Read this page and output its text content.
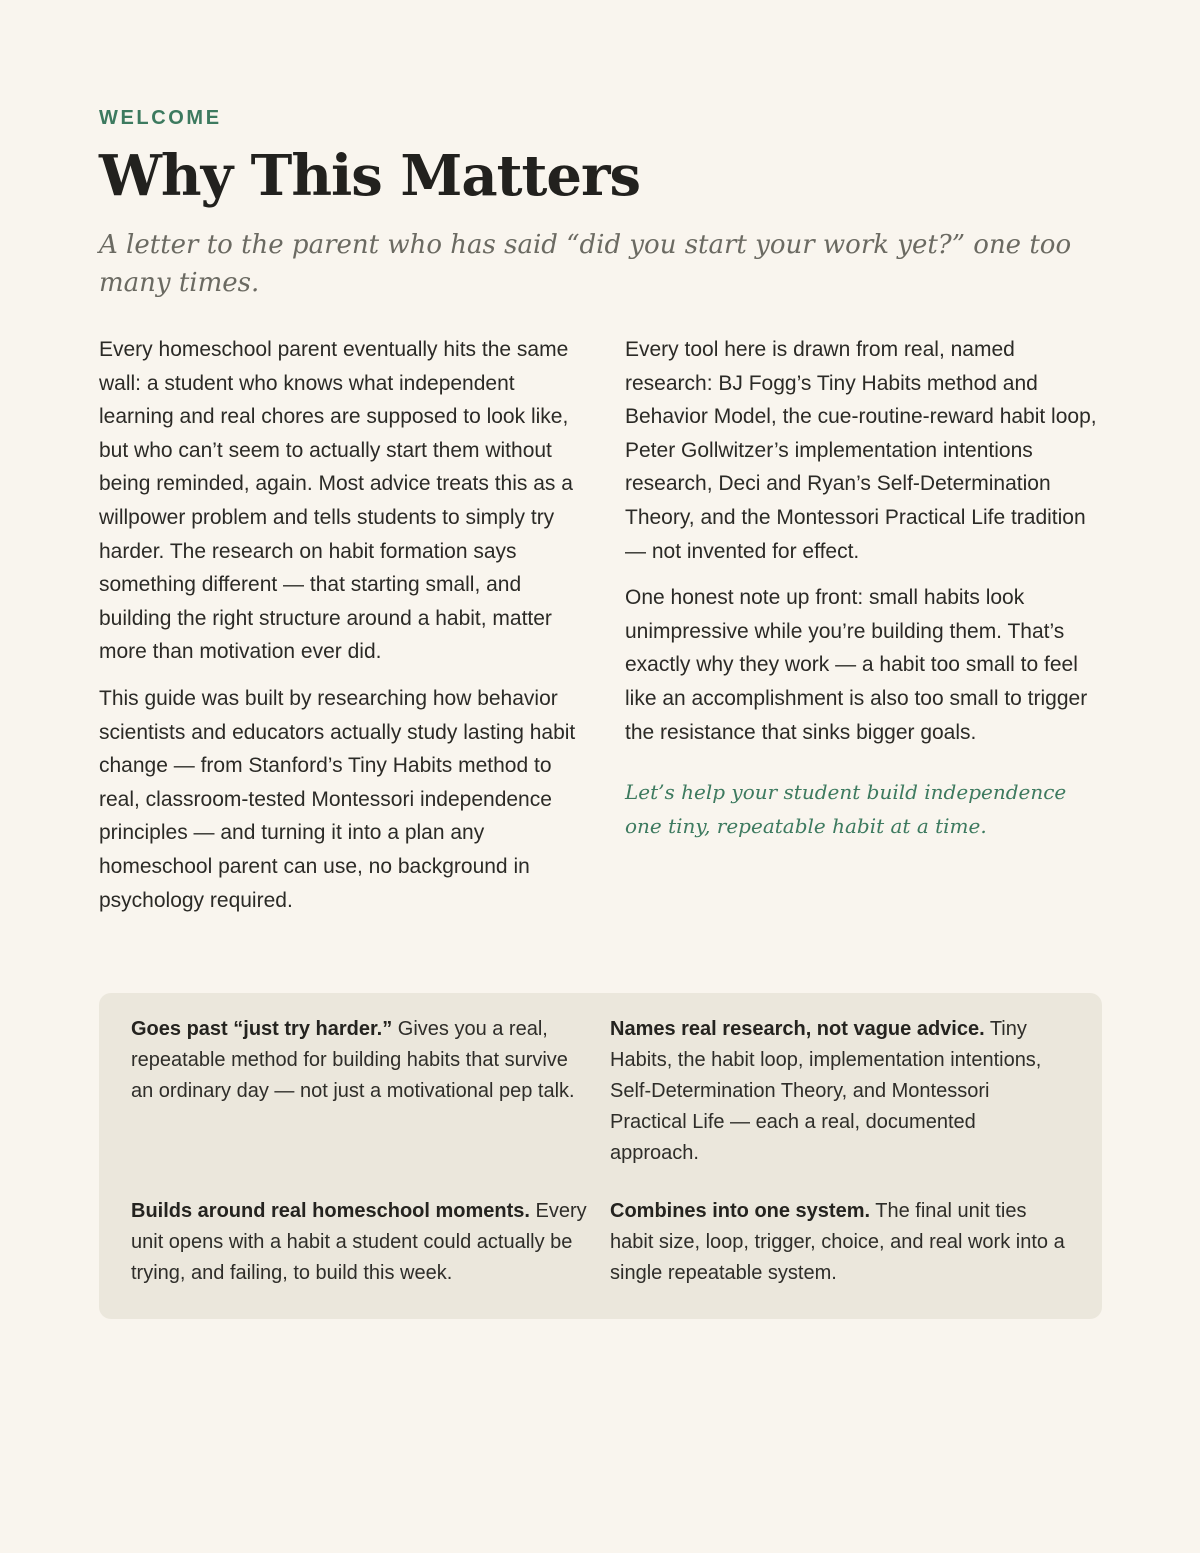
WELCOME
Why This Matters

A letter to the parent who has said “did you start your work yet?” one too many times.

Every homeschool parent eventually hits the same wall: a student who knows what independent learning and real chores are supposed to look like, but who can’t seem to actually start them without being reminded, again. Most advice treats this as a willpower problem and tells students to simply try harder. The research on habit formation says something different — that starting small, and building the right structure around a habit, matter more than motivation ever did.

This guide was built by researching how behavior scientists and educators actually study lasting habit change — from Stanford’s Tiny Habits method to real, classroom-tested Montessori independence principles — and turning it into a plan any homeschool parent can use, no background in psychology required.

Every tool here is drawn from real, named research: BJ Fogg’s Tiny Habits method and Behavior Model, the cue-routine-reward habit loop, Peter Gollwitzer’s implementation intentions research, Deci and Ryan’s Self-Determination Theory, and the Montessori Practical Life tradition — not invented for effect.

One honest note up front: small habits look unimpressive while you’re building them. That’s exactly why they work — a habit too small to feel like an accomplishment is also too small to trigger the resistance that sinks bigger goals.

Let’s help your student build independence one tiny, repeatable habit at a time.

Goes past “just try harder.” Gives you a real, repeatable method for building habits that survive an ordinary day — not just a motivational pep talk.
Names real research, not vague advice. Tiny Habits, the habit loop, implementation intentions, Self-Determination Theory, and Montessori Practical Life — each a real, documented approach.
Builds around real homeschool moments. Every unit opens with a habit a student could actually be trying, and failing, to build this week.
Combines into one system. The final unit ties habit size, loop, trigger, choice, and real work into a single repeatable system.
